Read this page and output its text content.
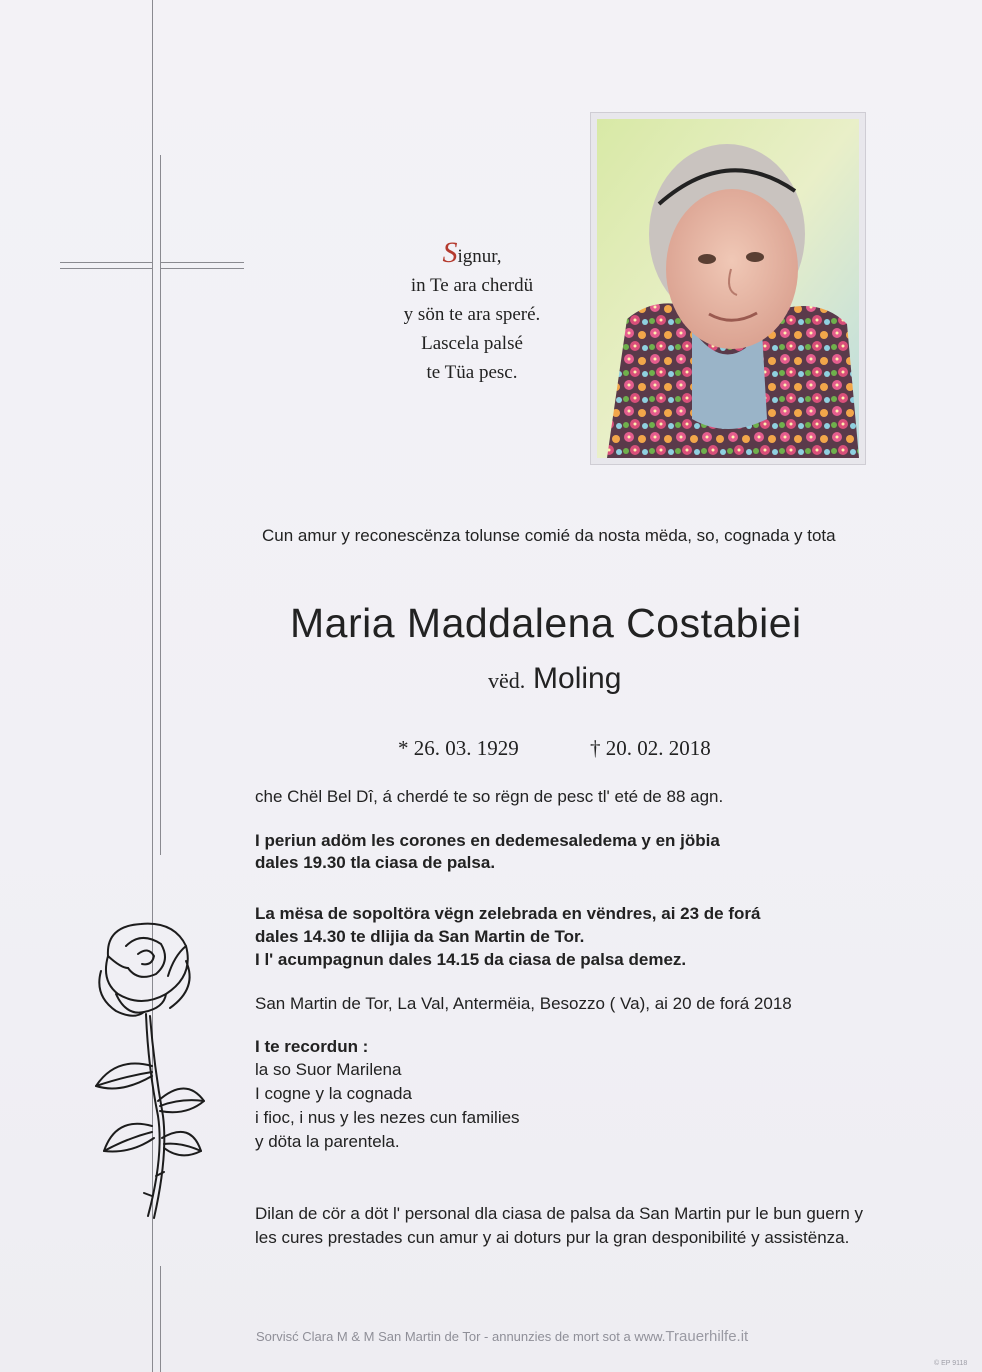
Signur,
in Te ara cherdü
y sön te ara speré.
Lascela palsé
te Tüa pesc.
Cun amur y reconescënza tolunse comié da nosta mëda, so, cognada y tota
Maria Maddalena Costabiei
vëd. Moling
* 26. 03. 1929	† 20. 02. 2018
che Chël Bel Dî, á cherdé te so rëgn de pesc tl' eté de 88 agn.
I periun adöm les corones en dedemesaledema y en jöbia
dales 19.30 tla ciasa de palsa.
La mësa de sopoltöra vëgn zelebrada en vëndres, ai 23 de forá
dales 14.30 te dlijia da San Martin de Tor.
I l' acumpagnun dales 14.15 da ciasa de palsa demez.
San Martin de Tor, La Val, Antermëia, Besozzo ( Va), ai 20 de forá 2018
I te recordun :
la so Suor Marilena
I cogne y la cognada
i fioc, i nus y les nezes cun families
y döta la parentela.
Dilan de cör a döt l' personal dla ciasa de palsa da San Martin pur le bun guern y
les cures prestades cun amur y ai doturs pur la gran desponibilité y assistënza.
Sorvisć Clara M & M San Martin de Tor - annunzies de mort sot a www.Trauerhilfe.it
© EP 9118
